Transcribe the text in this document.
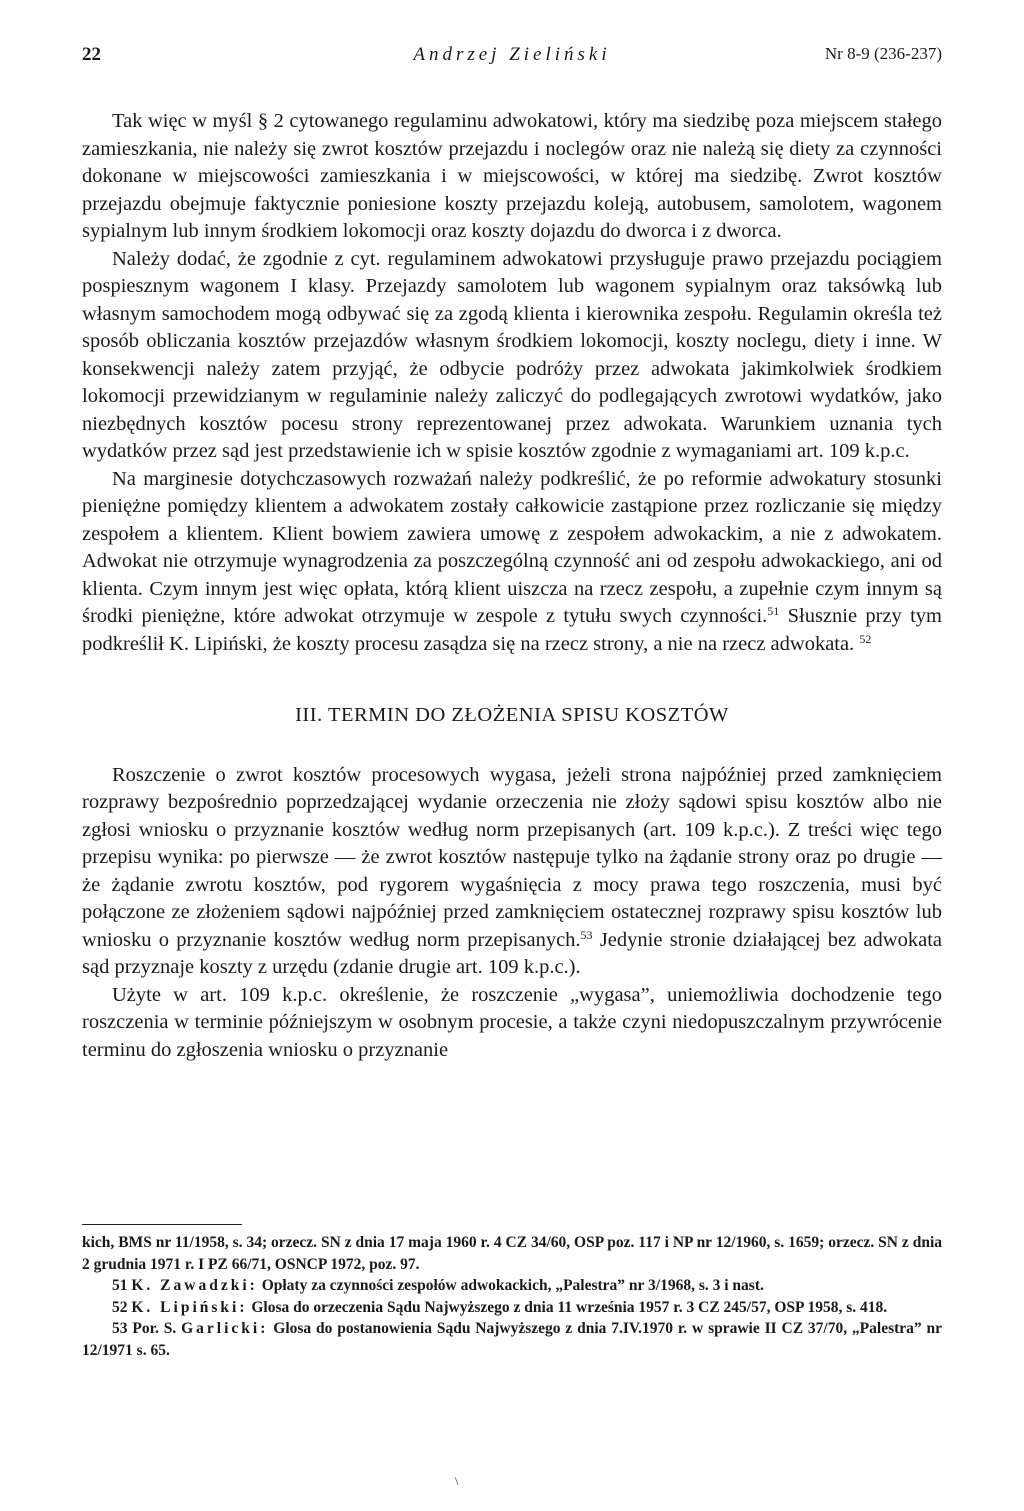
22	Andrzej Zieliński	Nr 8-9 (236-237)

Tak więc w myśl § 2 cytowanego regulaminu adwokatowi, który ma siedzibę poza miejscem stałego zamieszkania, nie należy się zwrot kosztów przejazdu i noclegów oraz nie należą się diety za czynności dokonane w miejscowości zamieszkania i w miejscowości, w której ma siedzibę. Zwrot kosztów przejazdu obejmuje faktycznie poniesione koszty przejazdu koleją, autobusem, samolotem, wagonem sypialnym lub innym środkiem lokomocji oraz koszty dojazdu do dworca i z dworca.

Należy dodać, że zgodnie z cyt. regulaminem adwokatowi przysługuje prawo przejazdu pociągiem pospiesznym wagonem I klasy. Przejazdy samolotem lub wagonem sypialnym oraz taksówką lub własnym samochodem mogą odbywać się za zgodą klienta i kierownika zespołu. Regulamin określa też sposób obliczania kosztów przejazdów własnym środkiem lokomocji, koszty noclegu, diety i inne. W konsekwencji należy zatem przyjąć, że odbycie podróży przez adwokata jakimkolwiek środkiem lokomocji przewidzianym w regulaminie należy zaliczyć do podlegających zwrotowi wydatków, jako niezbędnych kosztów pocesu strony reprezentowanej przez adwokata. Warunkiem uznania tych wydatków przez sąd jest przedstawienie ich w spisie kosztów zgodnie z wymaganiami art. 109 k.p.c.

Na marginesie dotychczasowych rozważań należy podkreślić, że po reformie adwokatury stosunki pieniężne pomiędzy klientem a adwokatem zostały całkowicie zastąpione przez rozliczanie się między zespołem a klientem. Klient bowiem zawiera umowę z zespołem adwokackim, a nie z adwokatem. Adwokat nie otrzymuje wynagrodzenia za poszczególną czynność ani od zespołu adwokackiego, ani od klienta. Czym innym jest więc opłata, którą klient uiszcza na rzecz zespołu, a zupełnie czym innym są środki pieniężne, które adwokat otrzymuje w zespole z tytułu swych czynności.$^{51}$ Słusznie przy tym podkreślił K. Lipiński, że koszty procesu zasądza się na rzecz strony, a nie na rzecz adwokata. $^{52}$

III. TERMIN DO ZŁOŻENIA SPISU KOSZTÓW

Roszczenie o zwrot kosztów procesowych wygasa, jeżeli strona najpóźniej przed zamknięciem rozprawy bezpośrednio poprzedzającej wydanie orzeczenia nie złoży sądowi spisu kosztów albo nie zgłosi wniosku o przyznanie kosztów według norm przepisanych (art. 109 k.p.c.). Z treści więc tego przepisu wynika: po pierwsze — że zwrot kosztów następuje tylko na żądanie strony oraz po drugie — że żądanie zwrotu kosztów, pod rygorem wygaśnięcia z mocy prawa tego roszczenia, musi być połączone ze złożeniem sądowi najpóźniej przed zamknięciem ostatecznej rozprawy spisu kosztów lub wniosku o przyznanie kosztów według norm przepisanych.$^{53}$ Jedynie stronie działającej bez adwokata sąd przyznaje koszty z urzędu (zdanie drugie art. 109 k.p.c.).

Użyte w art. 109 k.p.c. określenie, że roszczenie „wygasa”, uniemożliwia dochodzenie tego roszczenia w terminie późniejszym w osobnym procesie, a także czyni niedopuszczalnym przywrócenie terminu do zgłoszenia wniosku o przyznanie

kich, BMS nr 11/1958, s. 34; orzecz. SN z dnia 17 maja 1960 r. 4 CZ 34/60, OSP poz. 117 i NP nr 12/1960, s. 1659; orzecz. SN z dnia 2 grudnia 1971 r. I PZ 66/71, OSNCP 1972, poz. 97.

51 K. Zawadzki: Opłaty za czynności zespołów adwokackich, „Palestra” nr 3/1968, s. 3 i nast.

52 K. Lipiński: Glosa do orzeczenia Sądu Najwyższego z dnia 11 września 1957 r. 3 CZ 245/57, OSP 1958, s. 418.

53 Por. S. Garlicki: Glosa do postanowienia Sądu Najwyższego z dnia 7.IV.1970 r. w sprawie II CZ 37/70, „Palestra” nr 12/1971 s. 65.

\
